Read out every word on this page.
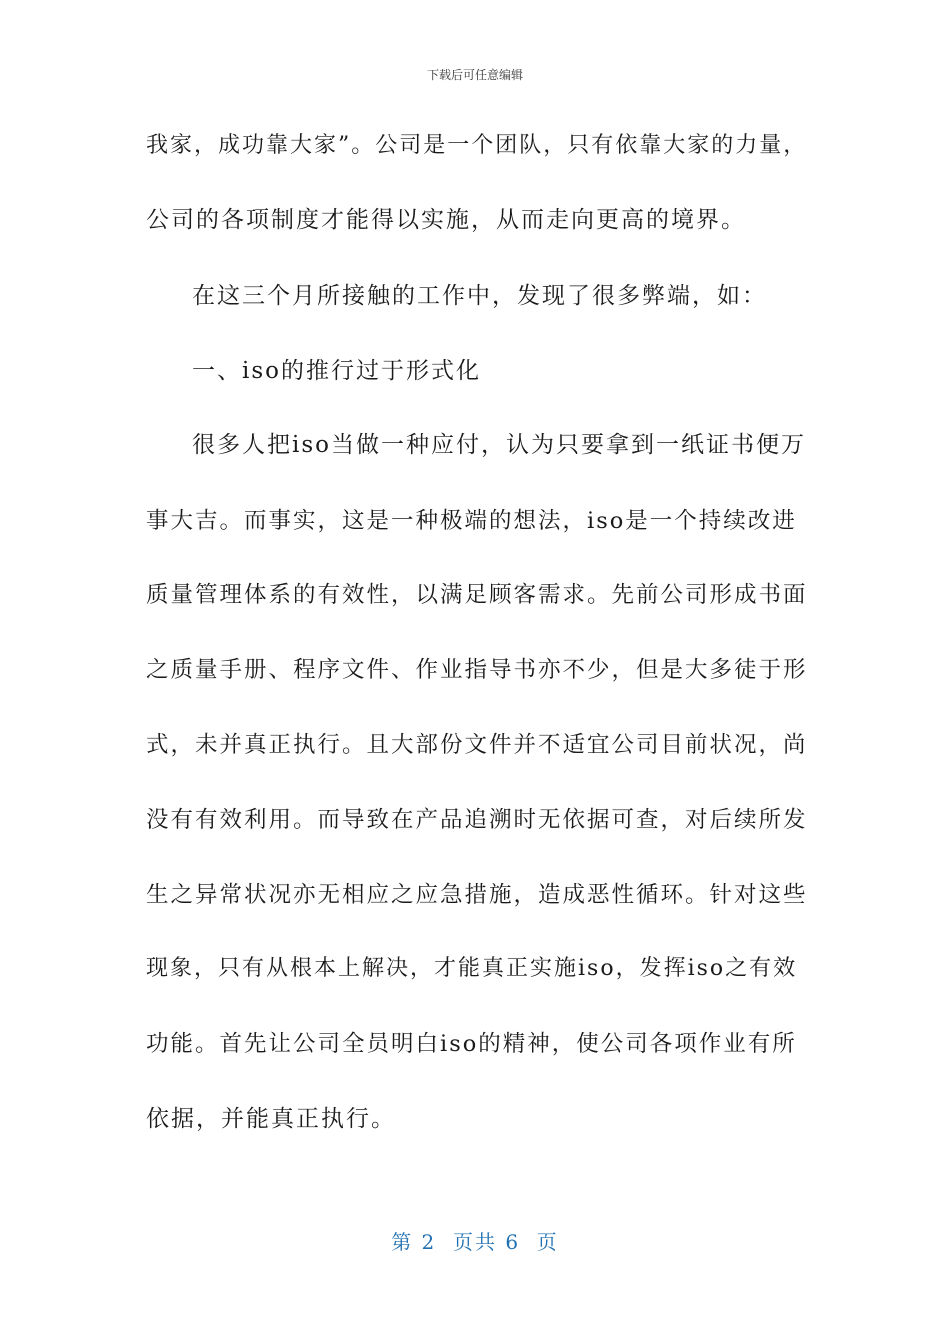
下载后可任意编辑
我家，成功靠大家”。公司是一个团队，只有依靠大家的力量，
公司的各项制度才能得以实施，从而走向更高的境界。
在这三个月所接触的工作中，发现了很多弊端，如：
一、iso的推行过于形式化
很多人把iso当做一种应付，认为只要拿到一纸证书便万
事大吉。而事实，这是一种极端的想法，iso是一个持续改进
质量管理体系的有效性，以满足顾客需求。先前公司形成书面
之质量手册、程序文件、作业指导书亦不少，但是大多徒于形
式，未并真正执行。且大部份文件并不适宜公司目前状况，尚
没有有效利用。而导致在产品追溯时无依据可查，对后续所发
生之异常状况亦无相应之应急措施，造成恶性循环。针对这些
现象，只有从根本上解决，才能真正实施iso，发挥iso之有效
功能。首先让公司全员明白iso的精神，使公司各项作业有所
依据，并能真正执行。
第 2  页共 6  页
